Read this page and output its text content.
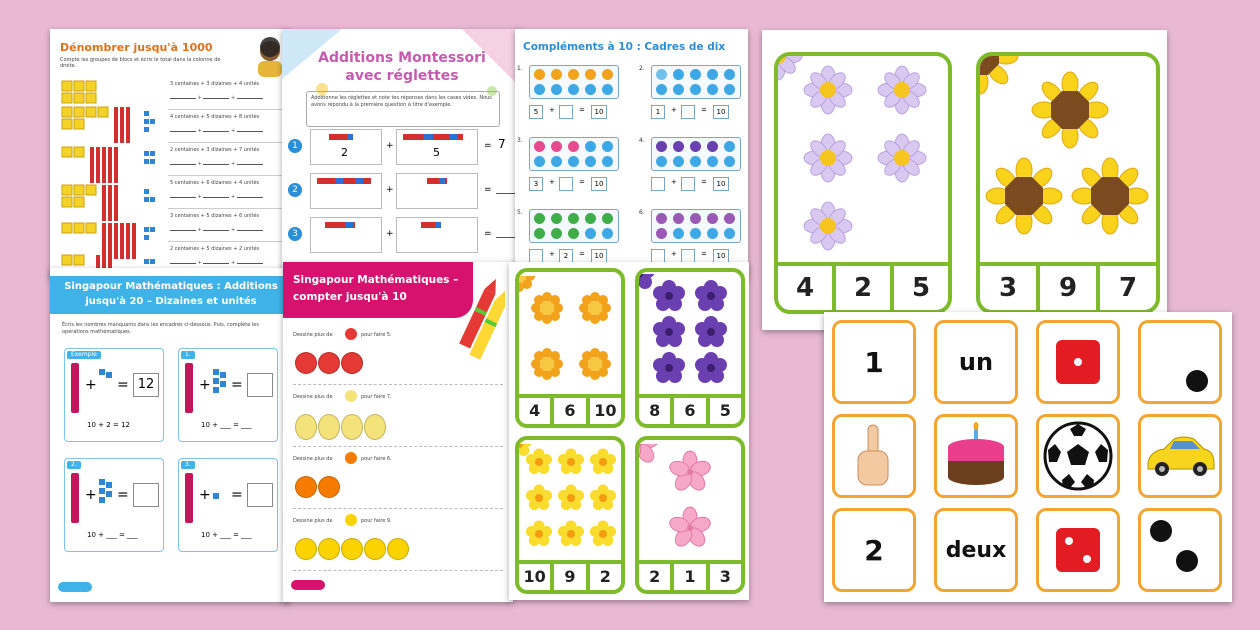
Dénombrer jusqu'à 1000
Compte les groupes de blocs et écris le total dans la colonne de droite.
3 centaines + 3 dizaines + 4 unités
+	+
4 centaines + 5 dizaines + 8 unités
+	+
2 centaines + 3 dizaines + 7 unités
+	+
5 centaines + 6 dizaines + 4 unités
+	+
3 centaines + 5 dizaines + 6 unités
+	+
2 centaines + 5 dizaines + 2 unités
+	+
Additions Montessori avec réglettes
Additionne les réglettes et note tes réponses dans les cases vides. Nous avons répondu à la première question à titre d'exemple.
1	2	+	5	= 7
2	+	=
3	+	=
Compléments à 10 : Cadres de dix
1.
5	+	=	10
2.
1	+	=	10
3.
3	+	=	10
4.
+	=	10
5.
+	2	=	10
6.
+	=	10
Singapour Mathématiques : Additions jusqu'à 20 – Dizaines et unités
Écris les nombres manquants dans les encadrés ci-dessous. Puis, complète les opérations mathématiques.
Exemple
+ = 12
10 + 2 = 12
1.
+ =
10 + ___ = ___
2.
+ =
10 + ___ = ___
3.
+ =
10 + ___ = ___
Singapour Mathématiques –
compter jusqu'à 10
Dessine plus de	pour faire 5.
Dessine plus de	pour faire 7.
Dessine plus de	pour faire 6.
Dessine plus de	pour faire 9.
4	6	10	8	6	5
10	9	2	2	1	3
4	2	5	3	9	7
1	un
2	deux
